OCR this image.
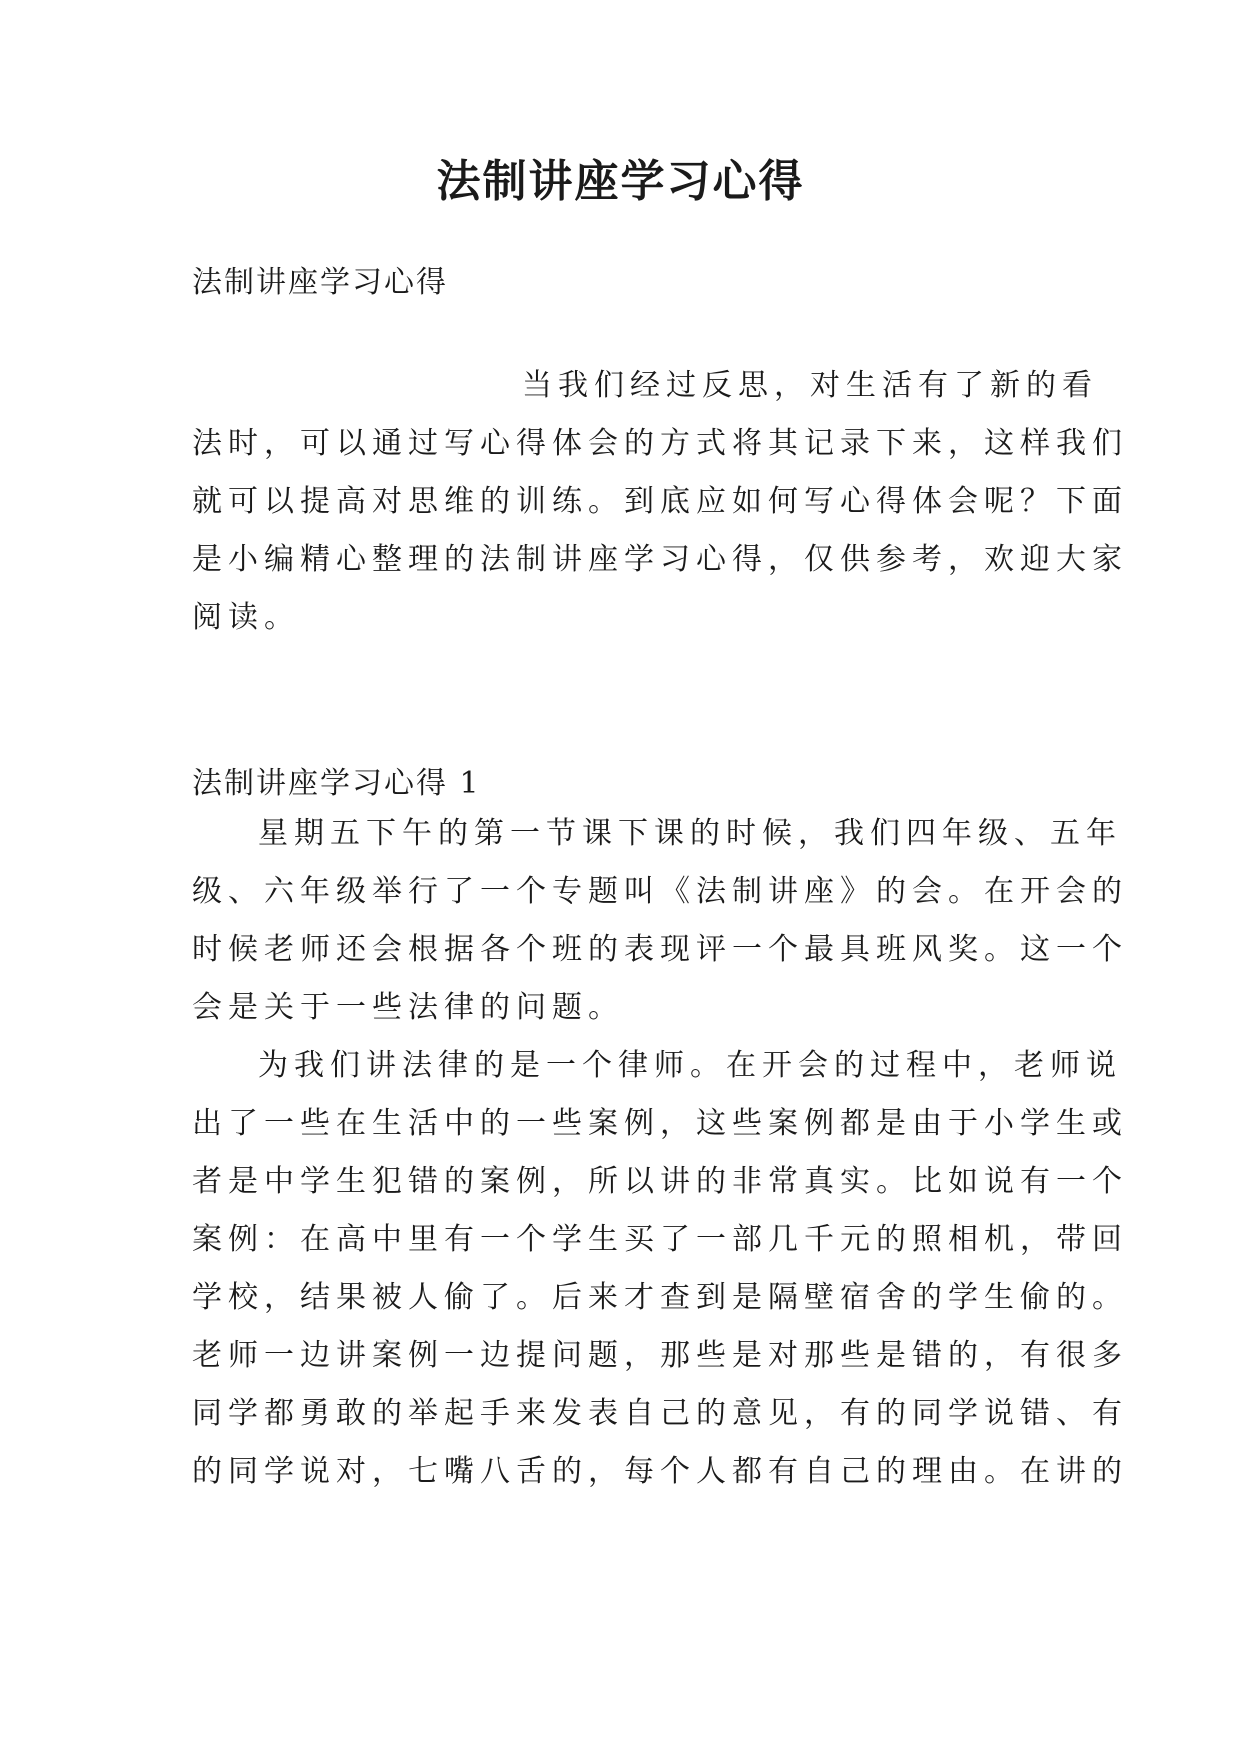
法制讲座学习心得

法制讲座学习心得

当我们经过反思，对生活有了新的看
法时，可以通过写心得体会的方式将其记录下来，这样我们
就可以提高对思维的训练。到底应如何写心得体会呢？下面
是小编精心整理的法制讲座学习心得，仅供参考，欢迎大家
阅读。

法制讲座学习心得 1

星期五下午的第一节课下课的时候，我们四年级、五年
级、六年级举行了一个专题叫《法制讲座》的会。在开会的
时候老师还会根据各个班的表现评一个最具班风奖。这一个
会是关于一些法律的问题。
为我们讲法律的是一个律师。在开会的过程中，老师说
出了一些在生活中的一些案例，这些案例都是由于小学生或
者是中学生犯错的案例，所以讲的非常真实。比如说有一个
案例：在高中里有一个学生买了一部几千元的照相机，带回
学校，结果被人偷了。后来才查到是隔壁宿舍的学生偷的。
老师一边讲案例一边提问题，那些是对那些是错的，有很多
同学都勇敢的举起手来发表自己的意见，有的同学说错、有
的同学说对，七嘴八舌的，每个人都有自己的理由。在讲的
